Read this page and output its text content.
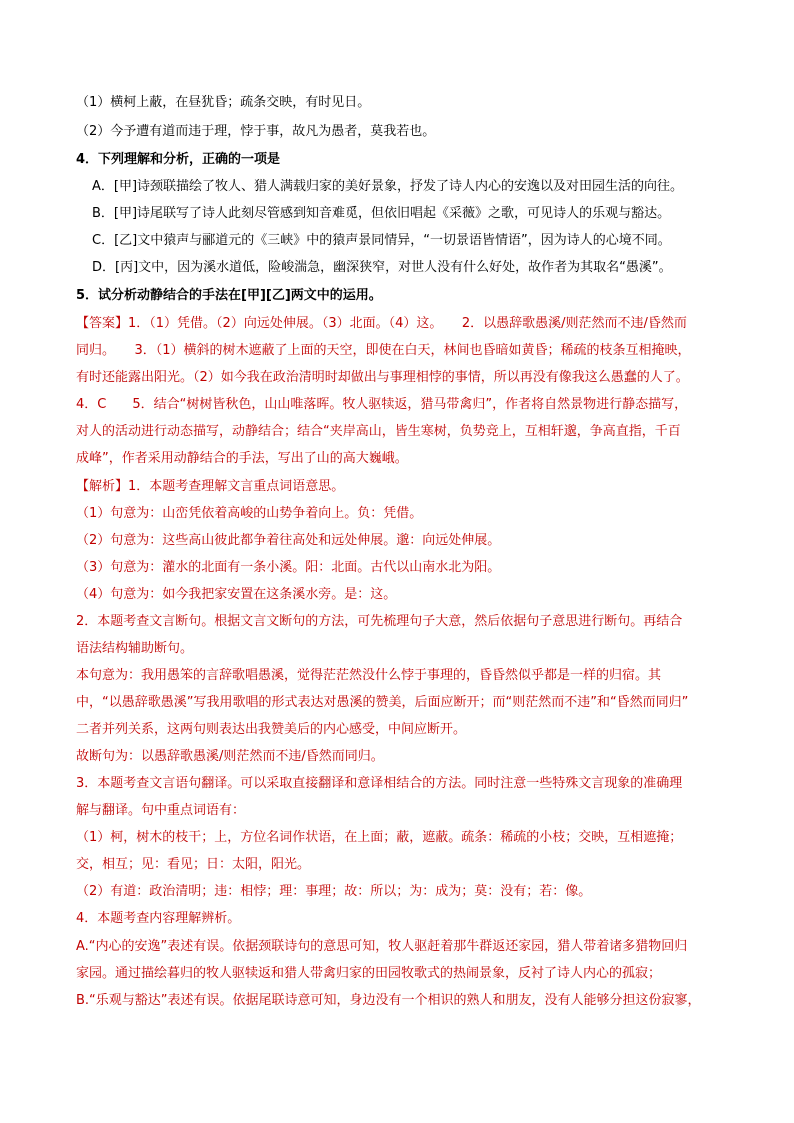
（1）横柯上蔽，在昼犹昏；疏条交映，有时见日。
（2）今予遭有道而违于理，悖于事，故凡为愚者，莫我若也。
4．下列理解和分析，正确的一项是
A．[甲]诗颈联描绘了牧人、猎人满载归家的美好景象，抒发了诗人内心的安逸以及对田园生活的向往。
B．[甲]诗尾联写了诗人此刻尽管感到知音难觅，但依旧唱起《采薇》之歌，可见诗人的乐观与豁达。
C．[乙]文中猿声与郦道元的《三峡》中的猿声景同情异，“一切景语皆情语”，因为诗人的心境不同。
D．[丙]文中，因为溪水道低，险峻湍急，幽深狭窄，对世人没有什么好处，故作者为其取名“愚溪”。
5．试分析动静结合的手法在[甲][乙]两文中的运用。
【答案】1．（1）凭借。（2）向远处伸展。（3）北面。（4）这。　　2．以愚辞歌愚溪/则茫然而不违/昏然而
同归。　　3．（1）横斜的树木遮蔽了上面的天空，即使在白天，林间也昏暗如黄昏；稀疏的枝条互相掩映，
有时还能露出阳光。（2）如今我在政治清明时却做出与事理相悖的事情，所以再没有像我这么愚蠢的人了。
4．C　　5．结合“树树皆秋色，山山唯落晖。牧人驱犊返，猎马带禽归”，作者将自然景物进行静态描写，
对人的活动进行动态描写，动静结合；结合“夹岸高山，皆生寒树，负势竞上，互相轩邈，争高直指，千百
成峰”，作者采用动静结合的手法，写出了山的高大巍峨。
【解析】1．本题考查理解文言重点词语意思。
（1）句意为：山峦凭依着高峻的山势争着向上。负：凭借。
（2）句意为：这些高山彼此都争着往高处和远处伸展。邈：向远处伸展。
（3）句意为：灌水的北面有一条小溪。阳：北面。古代以山南水北为阳。
（4）句意为：如今我把家安置在这条溪水旁。是：这。
2．本题考查文言断句。根据文言文断句的方法，可先梳理句子大意，然后依据句子意思进行断句。再结合
语法结构辅助断句。
本句意为：我用愚笨的言辞歌唱愚溪，觉得茫茫然没什么悖于事理的，昏昏然似乎都是一样的归宿。其
中，“以愚辞歌愚溪”写我用歌唱的形式表达对愚溪的赞美，后面应断开；而“则茫然而不违”和“昏然而同归”
二者并列关系，这两句则表达出我赞美后的内心感受，中间应断开。
故断句为：以愚辞歌愚溪/则茫然而不违/昏然而同归。
3．本题考查文言语句翻译。可以采取直接翻译和意译相结合的方法。同时注意一些特殊文言现象的准确理
解与翻译。句中重点词语有：
（1）柯，树木的枝干；上，方位名词作状语，在上面；蔽，遮蔽。疏条：稀疏的小枝；交映，互相遮掩；
交，相互；见：看见；日：太阳，阳光。
（2）有道：政治清明；违：相悖；理：事理；故：所以；为：成为；莫：没有；若：像。
4．本题考查内容理解辨析。
A.“内心的安逸”表述有误。依据颈联诗句的意思可知，牧人驱赶着那牛群返还家园，猎人带着诸多猎物回归
家园。通过描绘暮归的牧人驱犊返和猎人带禽归家的田园牧歌式的热闹景象，反衬了诗人内心的孤寂；
B.“乐观与豁达”表述有误。依据尾联诗意可知，身边没有一个相识的熟人和朋友，没有人能够分担这份寂寥，
